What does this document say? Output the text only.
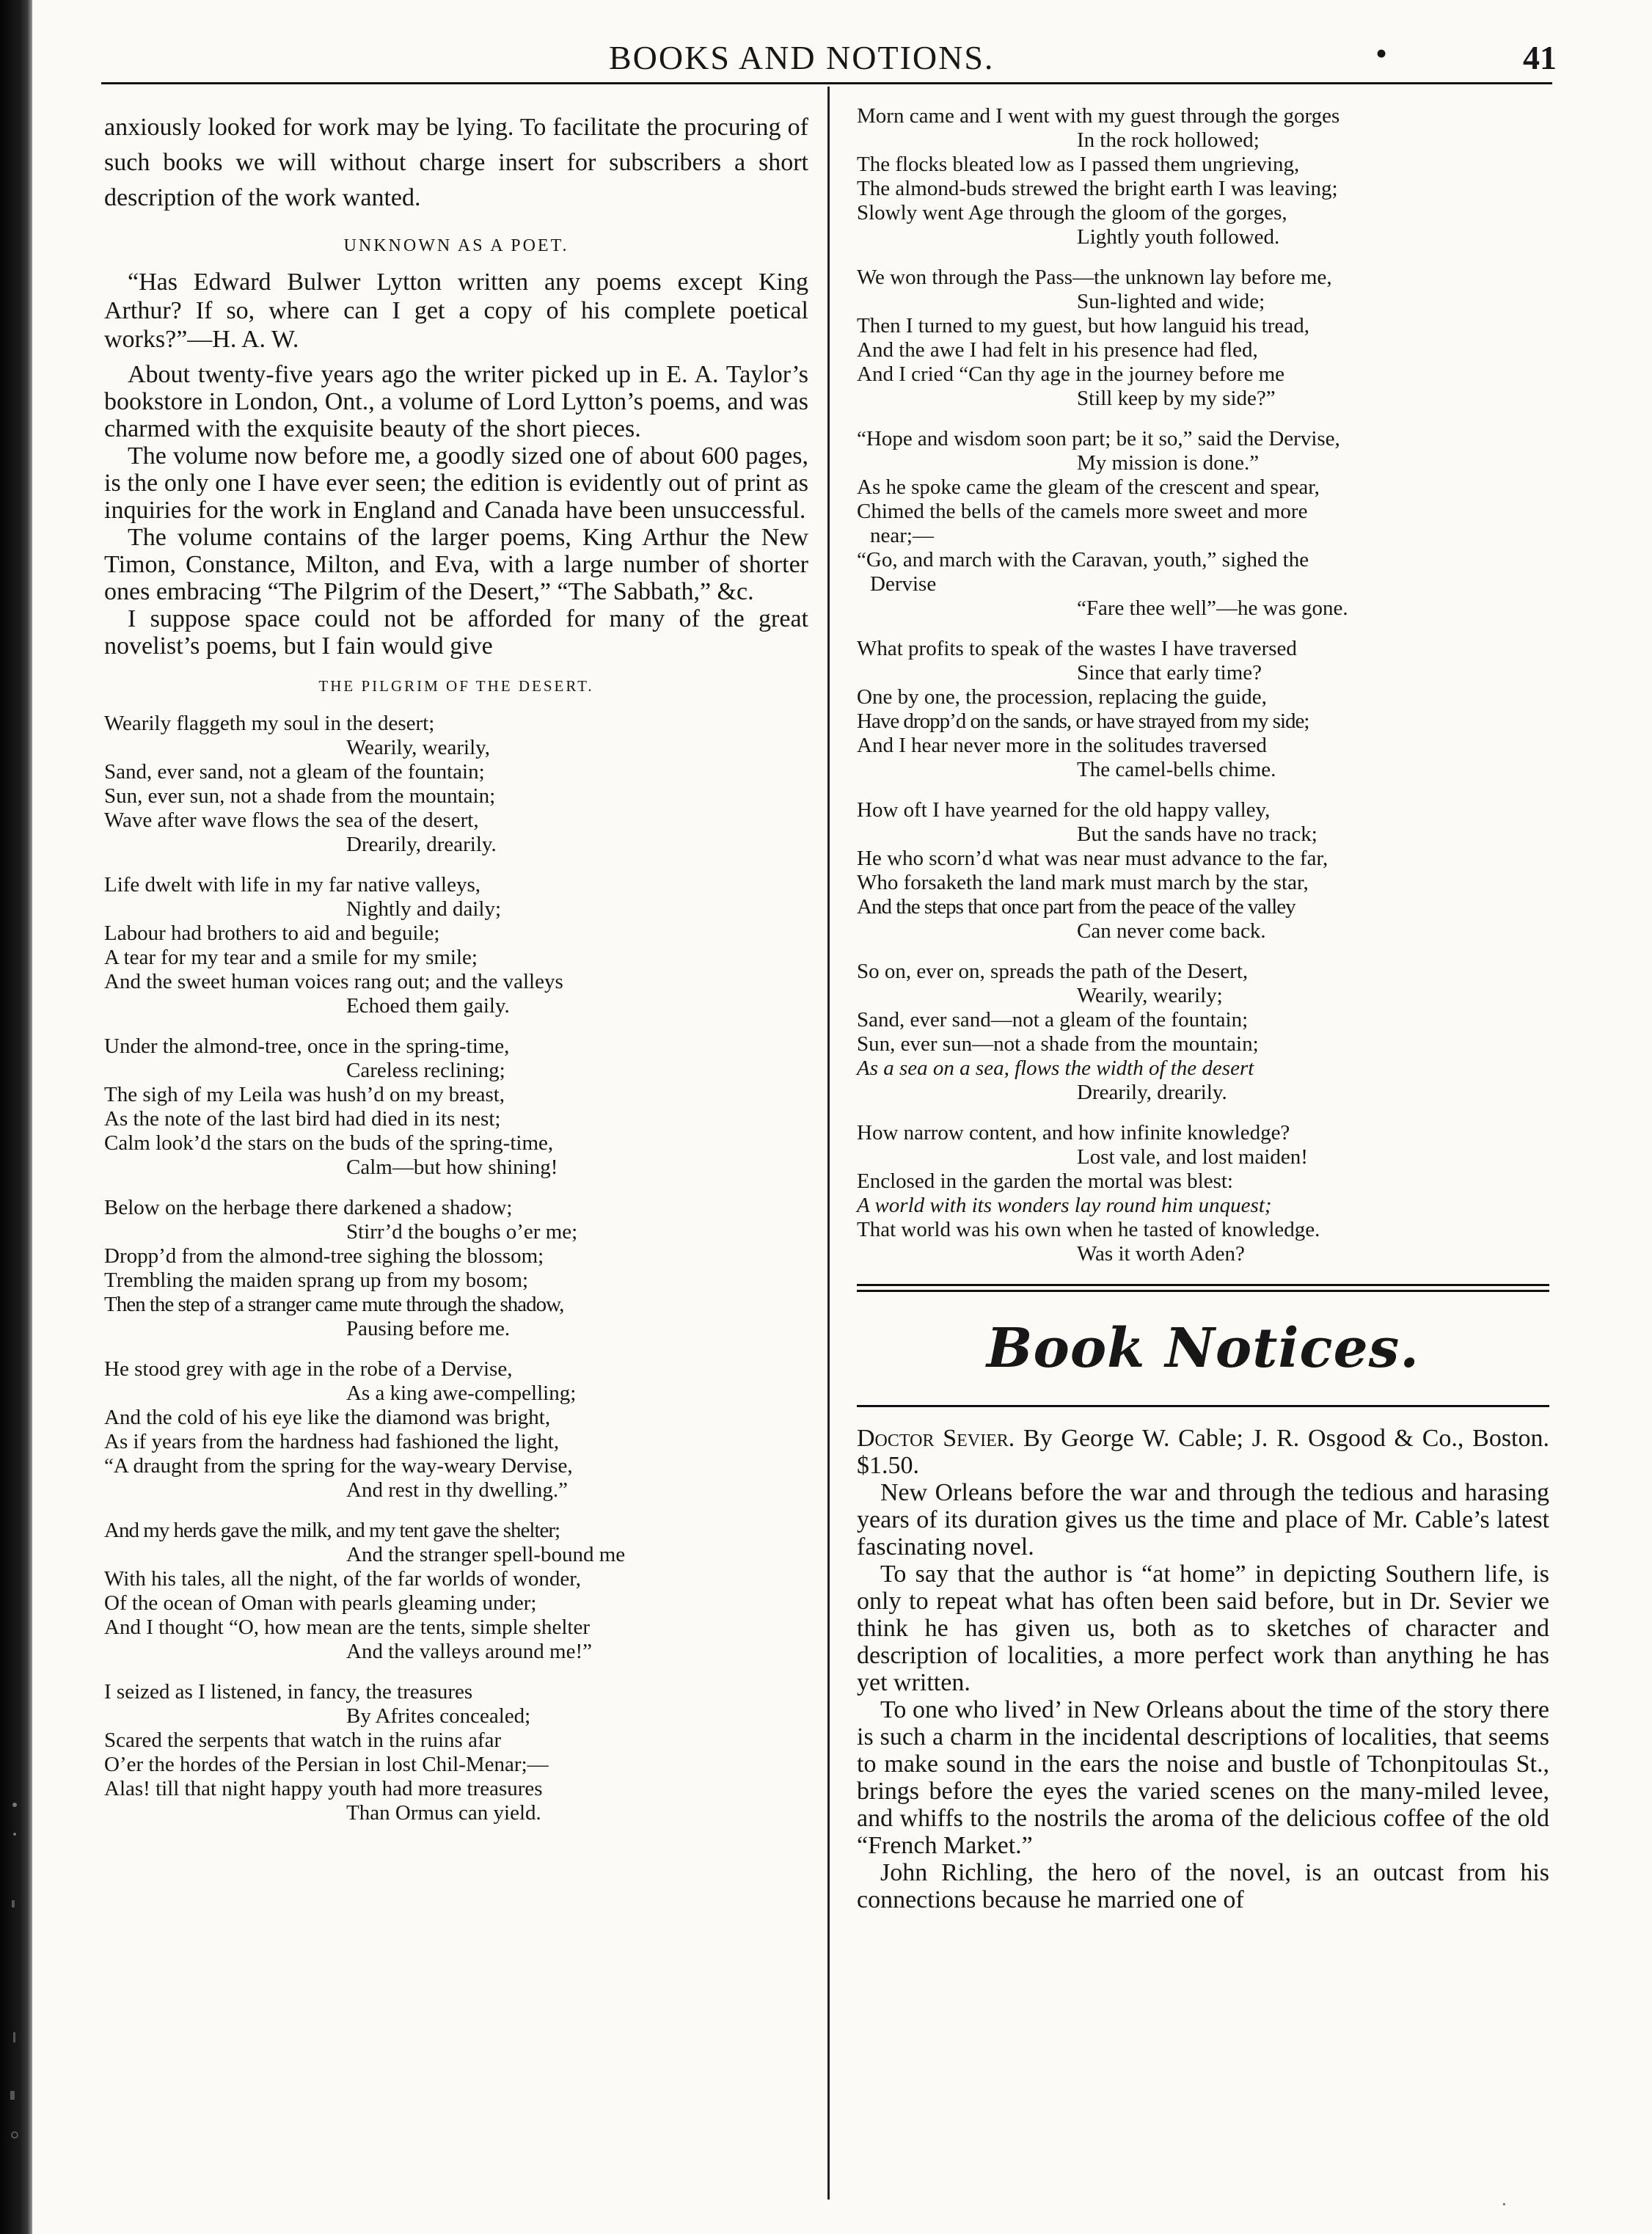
BOOKS AND NOTIONS.	•	41

anxiously looked for work may be lying. To facilitate the procuring of such books we will without charge insert for subscribers a short description of the work wanted.

UNKNOWN AS A POET.

“Has Edward Bulwer Lytton written any poems except King Arthur? If so, where can I get a copy of his complete poetical works?”—H. A. W.

About twenty-five years ago the writer picked up in E. A. Taylor’s bookstore in London, Ont., a volume of Lord Lytton’s poems, and was charmed with the exquisite beauty of the short pieces.

The volume now before me, a goodly sized one of about 600 pages, is the only one I have ever seen; the edition is evidently out of print as inquiries for the work in England and Canada have been unsuccessful.

The volume contains of the larger poems, King Arthur the New Timon, Constance, Milton, and Eva, with a large number of shorter ones embracing “The Pilgrim of the Desert,” “The Sabbath,” &c.

I suppose space could not be afforded for many of the great novelist’s poems, but I fain would give

THE PILGRIM OF THE DESERT.

Wearily flaggeth my soul in the desert;
Wearily, wearily,
Sand, ever sand, not a gleam of the fountain;
Sun, ever sun, not a shade from the mountain;
Wave after wave flows the sea of the desert,
Drearily, drearily.
Life dwelt with life in my far native valleys,
Nightly and daily;
Labour had brothers to aid and beguile;
A tear for my tear and a smile for my smile;
And the sweet human voices rang out; and the valleys
Echoed them gaily.
Under the almond-tree, once in the spring-time,
Careless reclining;
The sigh of my Leila was hush’d on my breast,
As the note of the last bird had died in its nest;
Calm look’d the stars on the buds of the spring-time,
Calm—but how shining!
Below on the herbage there darkened a shadow;
Stirr’d the boughs o’er me;
Dropp’d from the almond-tree sighing the blossom;
Trembling the maiden sprang up from my bosom;
Then the step of a stranger came mute through the shadow,
Pausing before me.
He stood grey with age in the robe of a Dervise,
As a king awe-compelling;
And the cold of his eye like the diamond was bright,
As if years from the hardness had fashioned the light,
“A draught from the spring for the way-weary Dervise,
And rest in thy dwelling.”
And my herds gave the milk, and my tent gave the shelter;
And the stranger spell-bound me
With his tales, all the night, of the far worlds of wonder,
Of the ocean of Oman with pearls gleaming under;
And I thought “O, how mean are the tents, simple shelter
And the valleys around me!”
I seized as I listened, in fancy, the treasures
By Afrites concealed;
Scared the serpents that watch in the ruins afar
O’er the hordes of the Persian in lost Chil-Menar;—
Alas! till that night happy youth had more treasures
Than Ormus can yield.
Morn came and I went with my guest through the gorges
In the rock hollowed;
The flocks bleated low as I passed them ungrieving,
The almond-buds strewed the bright earth I was leaving;
Slowly went Age through the gloom of the gorges,
Lightly youth followed.
We won through the Pass—the unknown lay before me,
Sun-lighted and wide;
Then I turned to my guest, but how languid his tread,
And the awe I had felt in his presence had fled,
And I cried “Can thy age in the journey before me
Still keep by my side?”
“Hope and wisdom soon part; be it so,” said the Dervise,
My mission is done.”
As he spoke came the gleam of the crescent and spear,
Chimed the bells of the camels more sweet and more
near;—
“Go, and march with the Caravan, youth,” sighed the
Dervise
“Fare thee well”—he was gone.
What profits to speak of the wastes I have traversed
Since that early time?
One by one, the procession, replacing the guide,
Have dropp’d on the sands, or have strayed from my side;
And I hear never more in the solitudes traversed
The camel-bells chime.
How oft I have yearned for the old happy valley,
But the sands have no track;
He who scorn’d what was near must advance to the far,
Who forsaketh the land mark must march by the star,
And the steps that once part from the peace of the valley
Can never come back.
So on, ever on, spreads the path of the Desert,
Wearily, wearily;
Sand, ever sand—not a gleam of the fountain;
Sun, ever sun—not a shade from the mountain;
As a sea on a sea, flows the width of the desert
Drearily, drearily.
How narrow content, and how infinite knowledge?
Lost vale, and lost maiden!
Enclosed in the garden the mortal was blest:
A world with its wonders lay round him unquest;
That world was his own when he tasted of knowledge.
Was it worth Aden?

Book Notices.

Doctor Sevier. By George W. Cable; J. R. Osgood & Co., Boston. $1.50.

New Orleans before the war and through the tedious and harasing years of its duration gives us the time and place of Mr. Cable’s latest fascinating novel.

To say that the author is “at home” in depicting Southern life, is only to repeat what has often been said before, but in Dr. Sevier we think he has given us, both as to sketches of character and description of localities, a more perfect work than anything he has yet written.

To one who lived’ in New Orleans about the time of the story there is such a charm in the incidental descriptions of localities, that seems to make sound in the ears the noise and bustle of Tchonpitoulas St., brings before the eyes the varied scenes on the many-miled levee, and whiffs to the nostrils the aroma of the delicious coffee of the old “French Market.”

John Richling, the hero of the novel, is an outcast from his connections because he married one of

·
